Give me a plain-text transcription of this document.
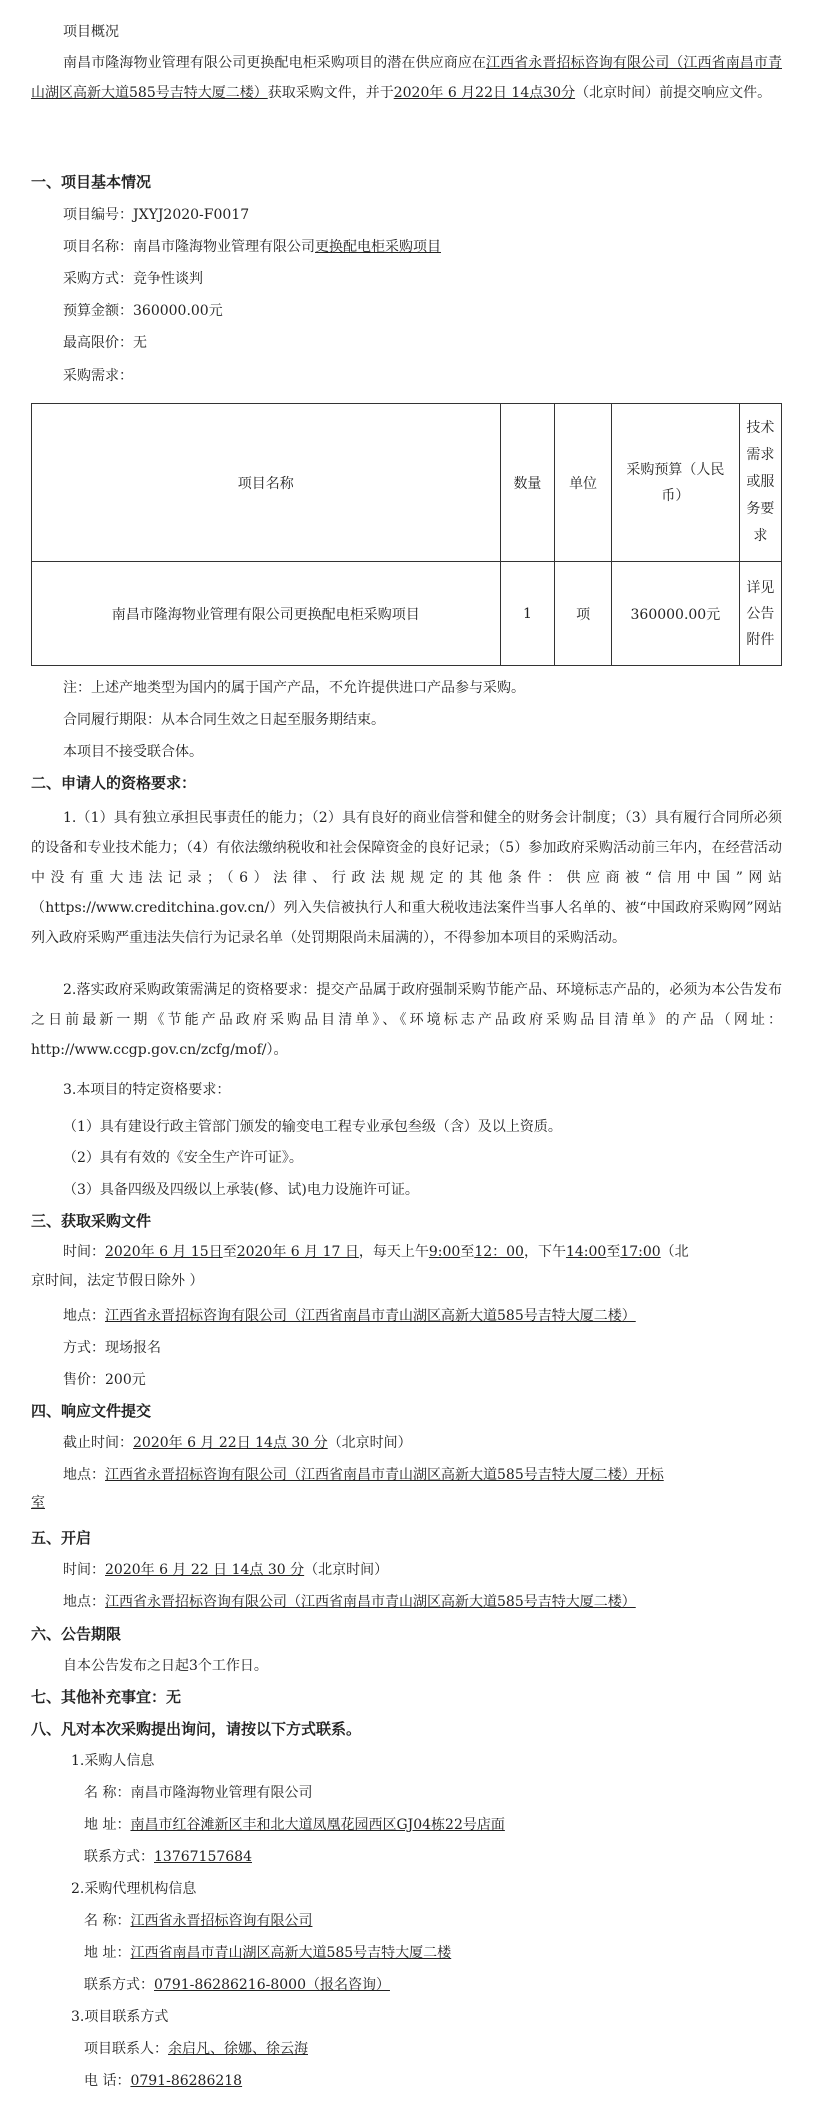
项目概况
南昌市隆海物业管理有限公司更换配电柜采购项目的潜在供应商应在江西省永晋招标咨询有限公司（江西省南昌市青山湖区高新大道585号吉特大厦二楼）获取采购文件，并于2020年 6 月22日 14点30分（北京时间）前提交响应文件。
一、项目基本情况
项目编号：JXYJ2020-F0017
项目名称：南昌市隆海物业管理有限公司更换配电柜采购项目
采购方式：竞争性谈判
预算金额：360000.00元
最高限价：无
采购需求：
项目名称	数量	单位	采购预算（人民币）	技术需求或服务要求
南昌市隆海物业管理有限公司更换配电柜采购项目	1	项	360000.00元	详见公告附件
注：上述产地类型为国内的属于国产产品，不允许提供进口产品参与采购。
合同履行期限：从本合同生效之日起至服务期结束。
本项目不接受联合体。
二、申请人的资格要求：
1.（1）具有独立承担民事责任的能力；（2）具有良好的商业信誉和健全的财务会计制度；（3）具有履行合同所必须的设备和专业技术能力；（4）有依法缴纳税收和社会保障资金的良好记录；（5）参加政府采购活动前三年内，在经营活动中没有重大违法记录；（6）法律、行政法规规定的其他条件：供应商被“信用中国”网站（https://www.creditchina.gov.cn/）列入失信被执行人和重大税收违法案件当事人名单的、被“中国政府采购网”网站列入政府采购严重违法失信行为记录名单（处罚期限尚未届满的），不得参加本项目的采购活动。
2.落实政府采购政策需满足的资格要求：提交产品属于政府强制采购节能产品、环境标志产品的，必须为本公告发布之日前最新一期《节能产品政府采购品目清单》、《环境标志产品政府采购品目清单》的产品（网址：http://www.ccgp.gov.cn/zcfg/mof/）。
3.本项目的特定资格要求：
（1）具有建设行政主管部门颁发的输变电工程专业承包叁级（含）及以上资质。
（2）具有有效的《安全生产许可证》。
（3）具备四级及四级以上承装(修、试)电力设施许可证。
三、获取采购文件
时间：2020年 6 月 15日至2020年 6 月 17 日，每天上午9:00至12：00，下午14:00至17:00（北
京时间，法定节假日除外 ）
地点：江西省永晋招标咨询有限公司（江西省南昌市青山湖区高新大道585号吉特大厦二楼）
方式：现场报名
售价：200元
四、响应文件提交
截止时间：2020年 6 月 22日 14点 30 分（北京时间）
地点：江西省永晋招标咨询有限公司（江西省南昌市青山湖区高新大道585号吉特大厦二楼）开标
室
五、开启
时间：2020年 6 月 22 日 14点 30 分（北京时间）
地点：江西省永晋招标咨询有限公司（江西省南昌市青山湖区高新大道585号吉特大厦二楼）
六、公告期限
自本公告发布之日起3个工作日。
七、其他补充事宜：无
八、凡对本次采购提出询问，请按以下方式联系。
1.采购人信息
名 称：南昌市隆海物业管理有限公司
地 址：南昌市红谷滩新区丰和北大道凤凰花园西区GJ04栋22号店面
联系方式：13767157684
2.采购代理机构信息
名 称：江西省永晋招标咨询有限公司
地 址：江西省南昌市青山湖区高新大道585号吉特大厦二楼
联系方式：0791-86286216-8000（报名咨询）
3.项目联系方式
项目联系人：余启凡、徐娜、徐云海
电 话：0791-86286218
